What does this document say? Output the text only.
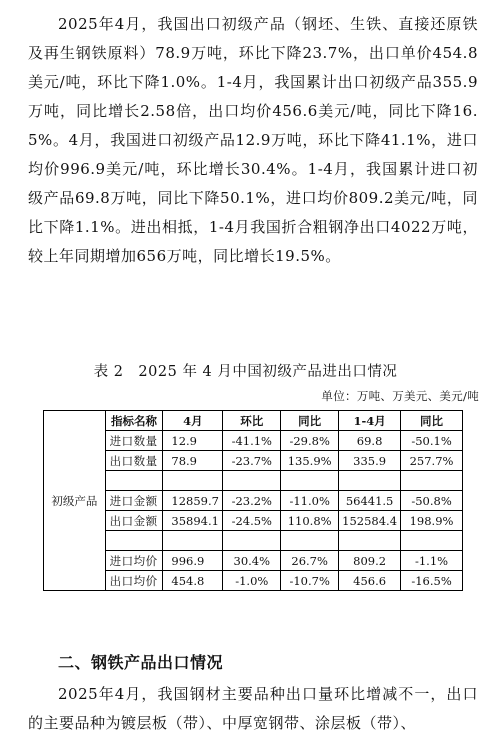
2025年4月，我国出口初级产品（钢坯、生铁、直接还原铁及再生钢铁原料）78.9万吨，环比下降23.7%，出口单价454.8美元/吨，环比下降1.0%。1-4月，我国累计出口初级产品355.9万吨，同比增长2.58倍，出口均价456.6美元/吨，同比下降16.5%。4月，我国进口初级产品12.9万吨，环比下降41.1%，进口均价996.9美元/吨，环比增长30.4%。1-4月，我国累计进口初级产品69.8万吨，同比下降50.1%，进口均价809.2美元/吨，同比下降1.1%。进出相抵，1-4月我国折合粗钢净出口4022万吨，较上年同期增加656万吨，同比增长19.5%。

表 2　2025 年 4 月中国初级产品进出口情况
单位：万吨、万美元、美元/吨
初级产品	指标名称	4月	环比	同比	1-4月	同比
	进口数量	12.9	-41.1%	-29.8%	69.8	-50.1%
	出口数量	78.9	-23.7%	135.9%	335.9	257.7%

	进口金额	12859.7	-23.2%	-11.0%	56441.5	-50.8%
	出口金额	35894.1	-24.5%	110.8%	152584.4	198.9%

	进口均价	996.9	30.4%	26.7%	809.2	-1.1%
	出口均价	454.8	-1.0%	-10.7%	456.6	-16.5%
二、钢铁产品出口情况

2025年4月，我国钢材主要品种出口量环比增减不一，出口的主要品种为镀层板（带）、中厚宽钢带、涂层板（带）、
